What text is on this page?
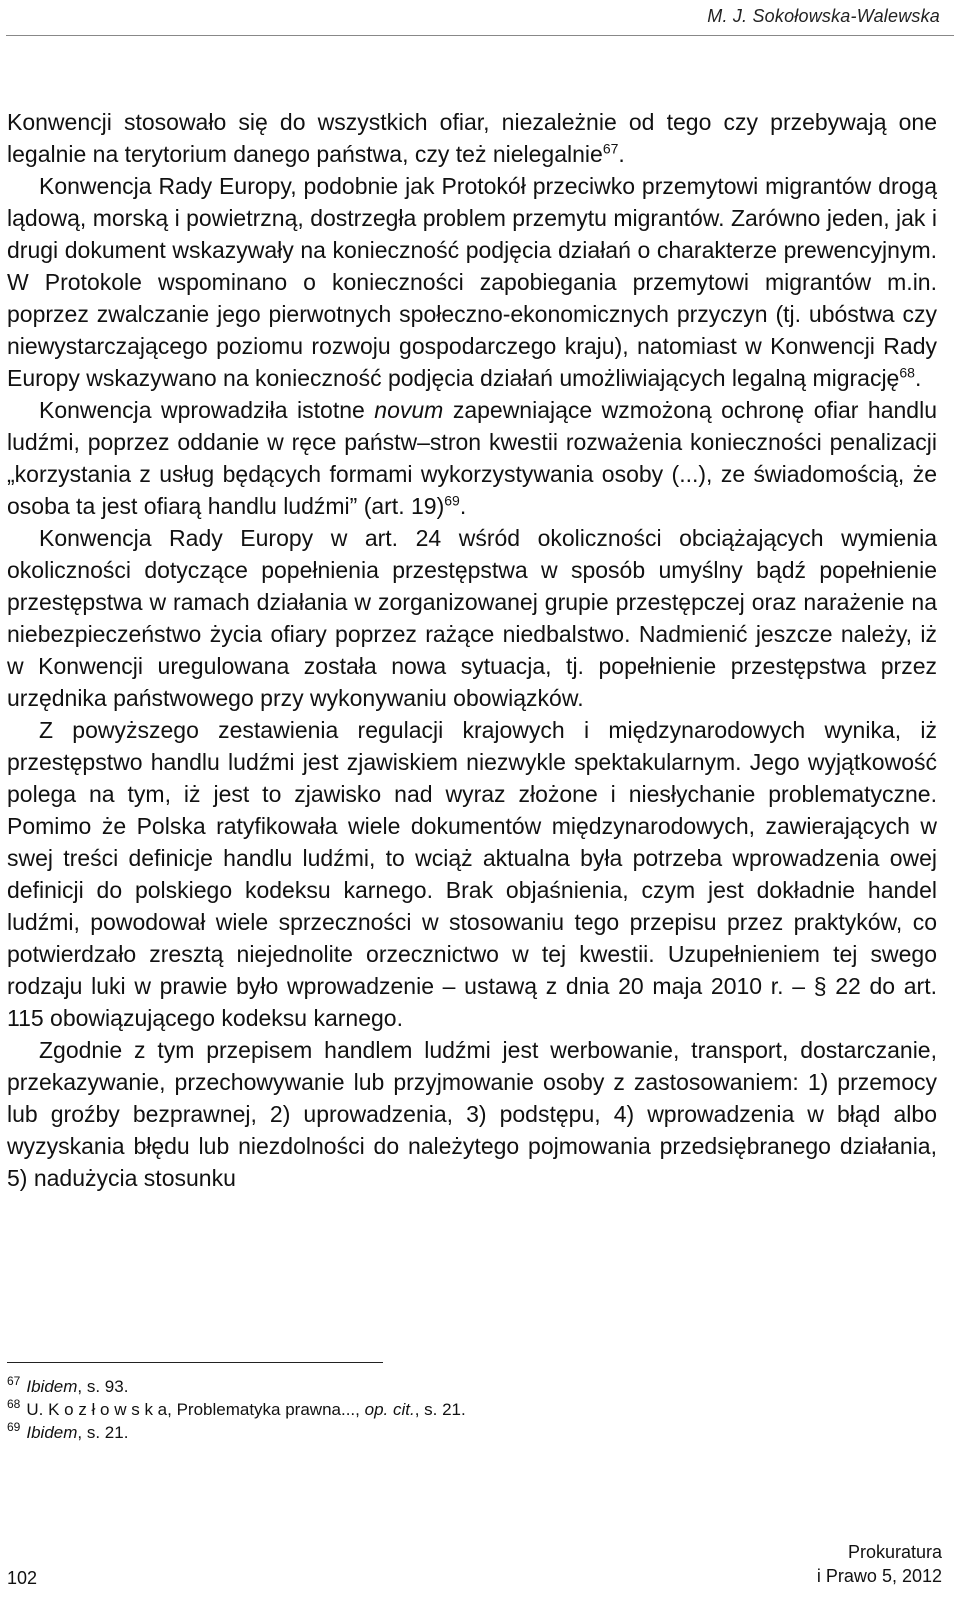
M. J. Sokołowska-Walewska

Konwencji stosowało się do wszystkich ofiar, niezależnie od tego czy przebywają one legalnie na terytorium danego państwa, czy też nielegalnie$^{67}$.

Konwencja Rady Europy, podobnie jak Protokół przeciwko przemytowi migrantów drogą lądową, morską i powietrzną, dostrzegła problem przemytu migrantów. Zarówno jeden, jak i drugi dokument wskazywały na konieczność podjęcia działań o charakterze prewencyjnym. W Protokole wspominano o konieczności zapobiegania przemytowi migrantów m.in. poprzez zwalczanie jego pierwotnych społeczno-ekonomicznych przyczyn (tj. ubóstwa czy niewystarczającego poziomu rozwoju gospodarczego kraju), natomiast w Konwencji Rady Europy wskazywano na konieczność podjęcia działań umożliwiających legalną migrację$^{68}$.

Konwencja wprowadziła istotne novum zapewniające wzmożoną ochronę ofiar handlu ludźmi, poprzez oddanie w ręce państw–stron kwestii rozważenia konieczności penalizacji „korzystania z usług będących formami wykorzystywania osoby (...), ze świadomością, że osoba ta jest ofiarą handlu ludźmi” (art. 19)$^{69}$.

Konwencja Rady Europy w art. 24 wśród okoliczności obciążających wymienia okoliczności dotyczące popełnienia przestępstwa w sposób umyślny bądź popełnienie przestępstwa w ramach działania w zorganizowanej grupie przestępczej oraz narażenie na niebezpieczeństwo życia ofiary poprzez rażące niedbalstwo. Nadmienić jeszcze należy, iż w Konwencji uregulowana została nowa sytuacja, tj. popełnienie przestępstwa przez urzędnika państwowego przy wykonywaniu obowiązków.

Z powyższego zestawienia regulacji krajowych i międzynarodowych wynika, iż przestępstwo handlu ludźmi jest zjawiskiem niezwykle spektakularnym. Jego wyjątkowość polega na tym, iż jest to zjawisko nad wyraz złożone i niesłychanie problematyczne. Pomimo że Polska ratyfikowała wiele dokumentów międzynarodowych, zawierających w swej treści definicje handlu ludźmi, to wciąż aktualna była potrzeba wprowadzenia owej definicji do polskiego kodeksu karnego. Brak objaśnienia, czym jest dokładnie handel ludźmi, powodował wiele sprzeczności w stosowaniu tego przepisu przez praktyków, co potwierdzało zresztą niejednolite orzecznictwo w tej kwestii. Uzupełnieniem tej swego rodzaju luki w prawie było wprowadzenie – ustawą z dnia 20 maja 2010 r. – § 22 do art. 115 obowiązującego kodeksu karnego.

Zgodnie z tym przepisem handlem ludźmi jest werbowanie, transport, dostarczanie, przekazywanie, przechowywanie lub przyjmowanie osoby z zastosowaniem: 1) przemocy lub groźby bezprawnej, 2) uprowadzenia, 3) podstępu, 4) wprowadzenia w błąd albo wyzyskania błędu lub niezdolności do należytego pojmowania przedsiębranego działania, 5) nadużycia stosunku

$^{67}$ Ibidem, s. 93.

$^{68}$ U. K o z ł o w s k a, Problematyka prawna..., op. cit., s. 21.

$^{69}$ Ibidem, s. 21.

102
Prokuratura
i Prawo 5, 2012
